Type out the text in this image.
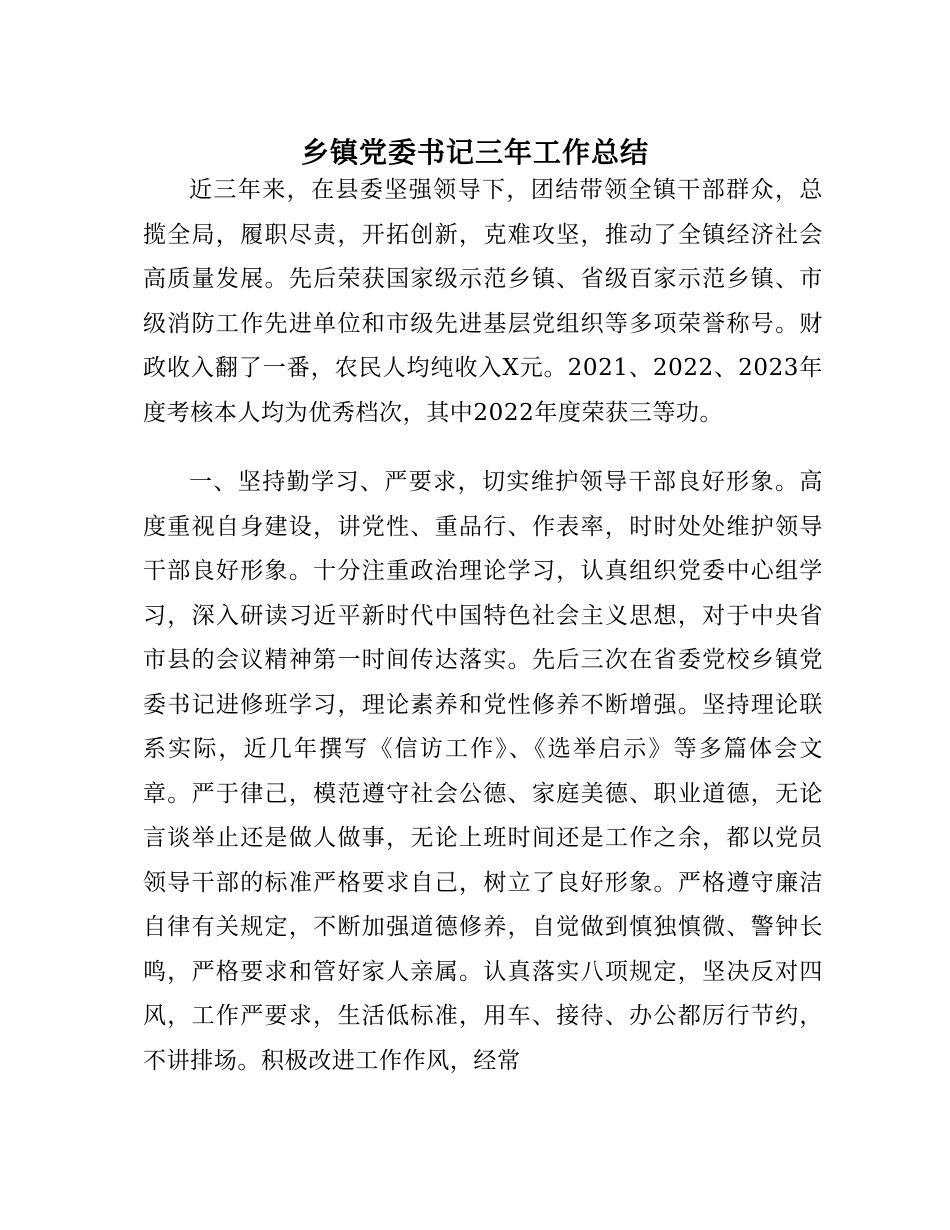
乡镇党委书记三年工作总结

近三年来，在县委坚强领导下，团结带领全镇干部群众，总揽全局，履职尽责，开拓创新，克难攻坚，推动了全镇经济社会高质量发展。先后荣获国家级示范乡镇、省级百家示范乡镇、市级消防工作先进单位和市级先进基层党组织等多项荣誉称号。财政收入翻了一番，农民人均纯收入X元。2021、2022、2023年度考核本人均为优秀档次，其中2022年度荣获三等功。

一、坚持勤学习、严要求，切实维护领导干部良好形象。高度重视自身建设，讲党性、重品行、作表率，时时处处维护领导干部良好形象。十分注重政治理论学习，认真组织党委中心组学习，深入研读习近平新时代中国特色社会主义思想，对于中央省市县的会议精神第一时间传达落实。先后三次在省委党校乡镇党委书记进修班学习，理论素养和党性修养不断增强。坚持理论联系实际，近几年撰写《信访工作》、《选举启示》等多篇体会文章。严于律己，模范遵守社会公德、家庭美德、职业道德，无论言谈举止还是做人做事，无论上班时间还是工作之余，都以党员领导干部的标准严格要求自己，树立了良好形象。严格遵守廉洁自律有关规定，不断加强道德修养，自觉做到慎独慎微、警钟长鸣，严格要求和管好家人亲属。认真落实八项规定，坚决反对四风，工作严要求，生活低标准，用车、接待、办公都厉行节约，不讲排场。积极改进工作作风，经常
